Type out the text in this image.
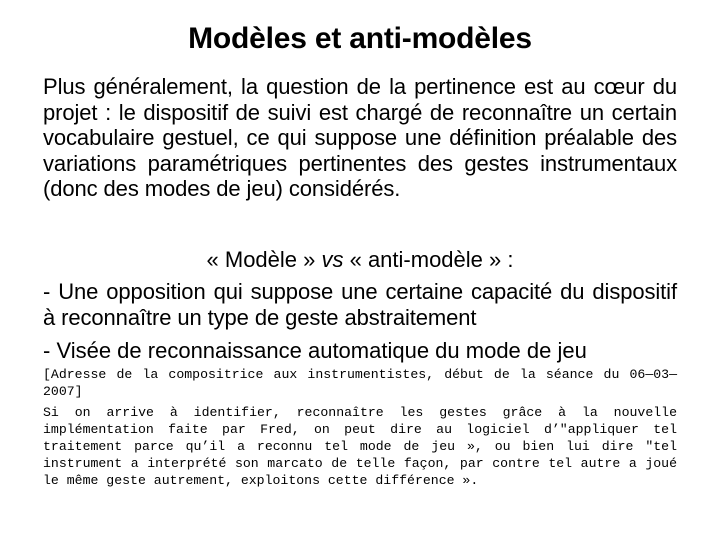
Modèles et anti-modèles
Plus généralement, la question de la pertinence est au cœur du projet : le dispositif de suivi est chargé de reconnaître un certain vocabulaire gestuel, ce qui suppose une définition préalable des variations paramétriques pertinentes des gestes instrumentaux (donc des modes de jeu) considérés.
« Modèle » vs « anti-modèle » :
- Une opposition qui suppose une certaine capacité du dispositif à reconnaître un type de geste abstraitement
- Visée de reconnaissance automatique du mode de jeu
[Adresse de la compositrice aux instrumentistes, début de la séance du 06—03—2007]
Si on arrive à identifier, reconnaître les gestes grâce à la nouvelle implémentation faite par Fred, on peut dire au logiciel d’"appliquer tel traitement parce qu’il a reconnu tel mode de jeu », ou bien lui dire "tel instrument a interprété son marcato de telle façon, par contre tel autre a joué le même geste autrement, exploitons cette différence ».
